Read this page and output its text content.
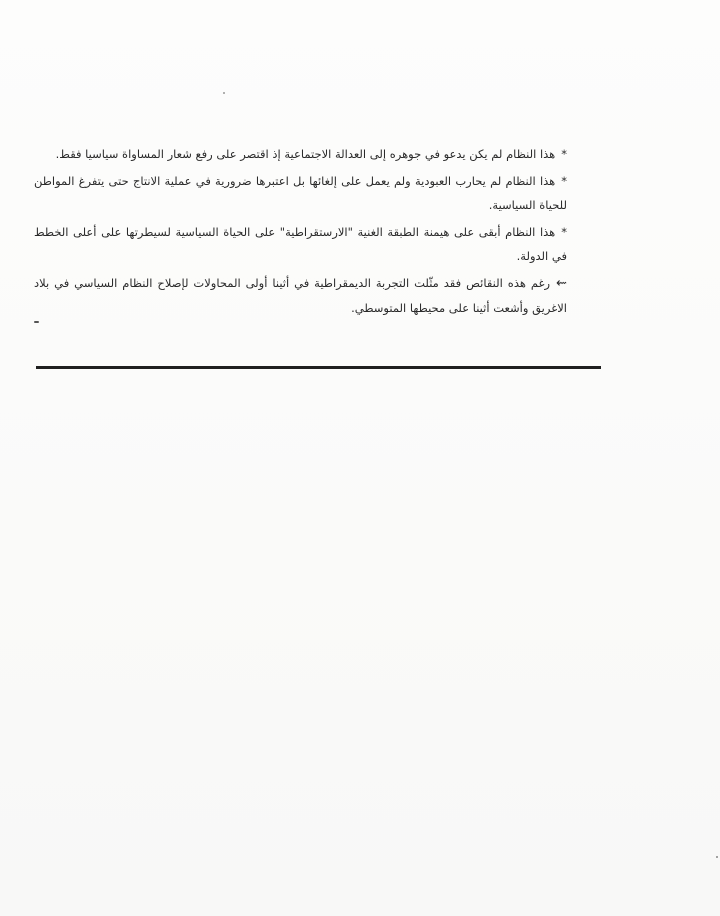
*هذا النظام لم يكن يدعو في جوهره إلى العدالة الاجتماعية إذ اقتصر على رفع شعار المساواة سياسيا فقط.

*هذا النظام لم يحارب العبودية ولم يعمل على إلغائها بل اعتبرها ضرورية في عملية الانتاج حتى يتفرغ المواطن للحياة السياسية.

*هذا النظام أبقى على هيمنة الطبقة الغنية "الارستقراطية" على الحياة السياسية لسيطرتها على أعلى الخطط في الدولة.

⇜رغم هذه النقائص فقد مثّلت التجربة الديمقراطية في أثينا أولى المحاولات لإصلاح النظام السياسي في بلاد الاغريق وأشعت أثينا على محيطها المتوسطي.
